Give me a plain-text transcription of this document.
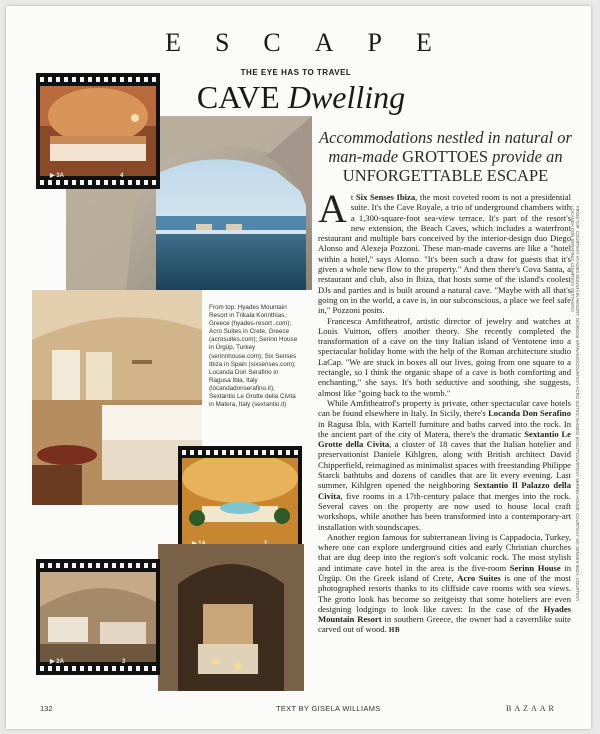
ESCAPE
THE EYE HAS TO TRAVEL
CAVE Dwelling
Accommodations nestled in natural or man-made GROTTOES provide an UNFORGETTABLE ESCAPE
▶ 3A	4
From top: Hyades Mountain Resort in Trikala Korinthias, Greece (hyades-resort .com); Acro Suites in Crete, Greece (acrosuites.com); Serinn House in Ürgüp, Turkey (serinnhouse.com); Six Senses Ibiza in Spain (sixsenses.com); Locanda Don Serafino in Ragusa Ibla, Italy (locandadonserafino.it); Sextantio Le Grotte della Civita in Matera, Italy (sextantio.it)
▶ 2A	3

At Six Senses Ibiza, the most coveted room is not a presidential suite. It's the Cave Royale, a trio of underground chambers with a 1,300-square-foot sea-view terrace. It's part of the resort's new extension, the Beach Caves, which includes a waterfront restaurant and multiple bars conceived by the interior-design duo Diego Alonso and Alexeja Pozzoni. These man-made caverns are like a "hotel within a hotel," says Alonso. "It's been such a draw for guests that it's given a whole new flow to the property." And then there's Cova Santa, a restaurant and club, also in Ibiza, that hosts some of the island's coolest DJs and parties and is built around a natural cave. "Maybe with all that's going on in the world, a cave is, in our subconscious, a place we feel safe in," Pozzoni posits.

Francesca Amfitheatrof, artistic director of jewelry and watches at Louis Vuitton, offers another theory. She recently completed the transformation of a cave on the tiny Italian island of Ventotene into a spectacular holiday home with the help of the Roman architecture studio LaCap. "We are stuck in boxes all our lives, going from one square to a rectangle, so I think the organic shape of a cave is both comforting and enchanting," she says. It's both seductive and soothing, she suggests, almost like "going back to the womb."

While Amfitheatrof's property is private, other spectacular cave hotels can be found elsewhere in Italy. In Sicily, there's Locanda Don Serafino in Ragusa Ibla, with Kartell furniture and baths carved into the rock. In the ancient part of the city of Matera, there's the dramatic Sextantio Le Grotte della Civita, a cluster of 18 caves that the Italian hotelier and preservationist Daniele Kihlgren, along with British architect David Chipperfield, reimagined as minimalist spaces with freestanding Philippe Starck bathtubs and dozens of candles that are lit every evening. Last summer, Kihlgren opened the neighboring Sextantio Il Palazzo della Civita, five rooms in a 17th-century palace that merges into the rock. Several caves on the property are now used to house local craft workshops, while another has been transformed into a contemporary-art installation with soundscapes.

Another region famous for subterranean living is Cappadocia, Turkey, where one can explore underground cities and early Christian churches that are dug deep into the region's soft volcanic rock. The most stylish and intimate cave hotel in the area is the five-room Serinn House in Ürgüp. On the Greek island of Crete, Acro Suites is one of the most photographed resorts thanks to its cliffside cave rooms with sea views. The grotto look has become so zeitgeisty that some hoteliers are even designing lodgings to look like caves: In the case of the Hyades Mountain Resort in southern Greece, the owner had a cavernlike suite carved out of wood. HB

FROM TOP: COURTESY HYADES MOUNTAIN RESORT; GIORGOS SPANAKIS/COURTESY ACRO SUITES; NAMIDO SOGUT/COURTESY SERINN HOUSE; COURTESY SIX SENSES IBIZA; COURTESY LOCANDA DON SERAFINO; COURTESY SEXTANTIO
132	TEXT BY GISELA WILLIAMS	BAZAAR
